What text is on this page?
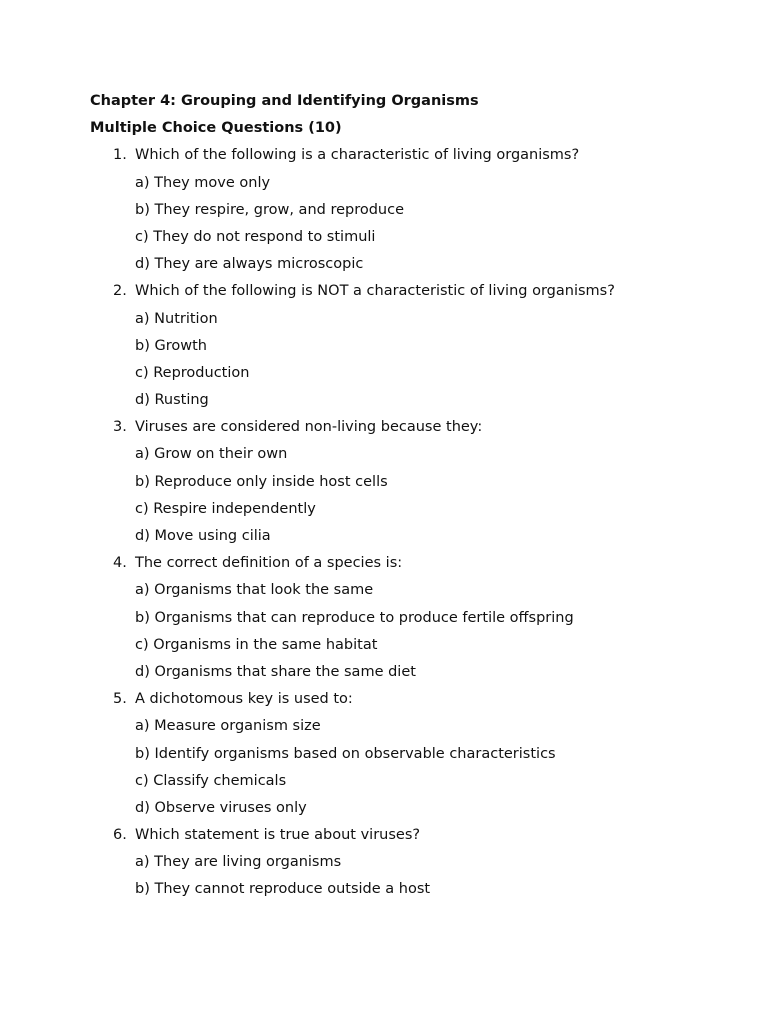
Chapter 4: Grouping and Identifying Organisms
Multiple Choice Questions (10)
1. Which of the following is a characteristic of living organisms?
a) They move only
b) They respire, grow, and reproduce
c) They do not respond to stimuli
d) They are always microscopic
2. Which of the following is NOT a characteristic of living organisms?
a) Nutrition
b) Growth
c) Reproduction
d) Rusting
3. Viruses are considered non-living because they:
a) Grow on their own
b) Reproduce only inside host cells
c) Respire independently
d) Move using cilia
4. The correct definition of a species is:
a) Organisms that look the same
b) Organisms that can reproduce to produce fertile offspring
c) Organisms in the same habitat
d) Organisms that share the same diet
5. A dichotomous key is used to:
a) Measure organism size
b) Identify organisms based on observable characteristics
c) Classify chemicals
d) Observe viruses only
6. Which statement is true about viruses?
a) They are living organisms
b) They cannot reproduce outside a host
